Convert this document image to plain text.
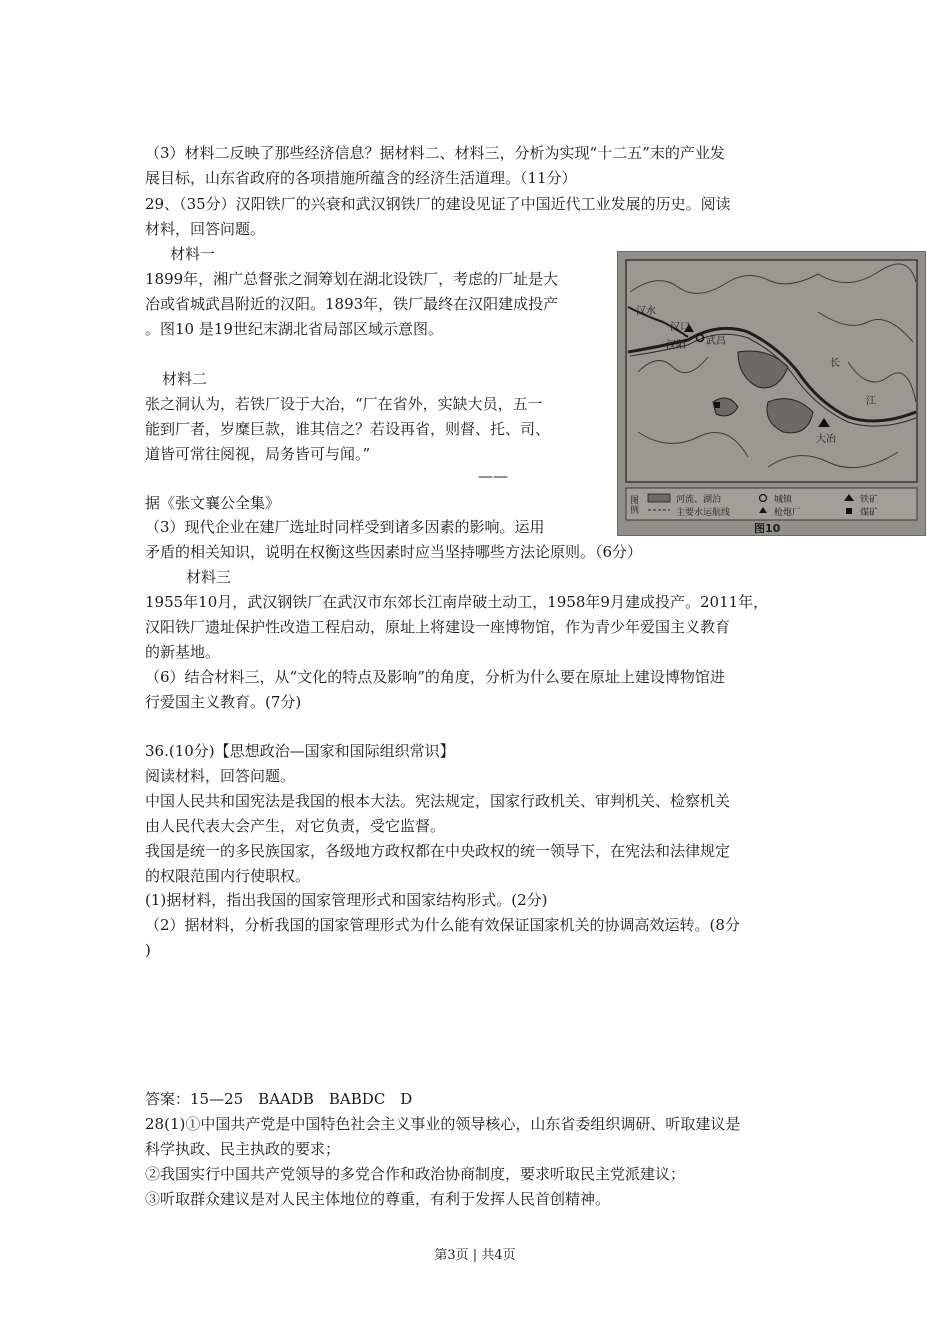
（3）材料二反映了那些经济信息？据材料二、材料三，分析为实现“十二五”末的产业发
展目标，山东省政府的各项措施所蕴含的经济生活道理。（11分）
29、（35分）汉阳铁厂的兴衰和武汉钢铁厂的建设见证了中国近代工业发展的历史。阅读
材料，回答问题。
材料一
1899年，湘广总督张之洞筹划在湖北设铁厂，考虑的厂址是大
冶或省城武昌附近的汉阳。1893年，铁厂最终在汉阳建成投产
。图10 是19世纪末湖北省局部区域示意图。
材料二
张之洞认为，若铁厂设于大冶，“厂在省外，实缺大员，五一
能到厂者，岁糜巨款，谁其信之？若设再省，则督、托、司、
道皆可常往阅视，局务皆可与闻。”
——
据《张文襄公全集》
（3）现代企业在建厂选址时同样受到诸多因素的影响。运用
矛盾的相关知识，说明在权衡这些因素时应当坚持哪些方法论原则。（6分）
材料三
1955年10月，武汉钢铁厂在武汉市东郊长江南岸破土动工，1958年9月建成投产。2011年，
汉阳铁厂遗址保护性改造工程启动，原址上将建设一座博物馆，作为青少年爱国主义教育
的新基地。
（6）结合材料三，从“文化的特点及影响”的角度，分析为什么要在原址上建设博物馆进
行爱国主义教育。(7分)
36.(10分)【思想政治—国家和国际组织常识】
阅读材料，回答问题。
中国人民共和国宪法是我国的根本大法。宪法规定，国家行政机关、审判机关、检察机关
由人民代表大会产生，对它负责，受它监督。
我国是统一的多民族国家，各级地方政权都在中央政权的统一领导下，在宪法和法律规定
的权限范围内行使职权。
(1)据材料，指出我国的国家管理形式和国家结构形式。(2分)
（2）据材料，分析我国的国家管理形式为什么能有效保证国家机关的协调高效运转。(8分
)
答案：15—25　BAADB　BABDC　D
28(1)①中国共产党是中国特色社会主义事业的领导核心，山东省委组织调研、听取建议是
科学执政、民主执政的要求；
②我国实行中国共产党领导的多党合作和政治协商制度，要求听取民主党派建议；
③听取群众建议是对人民主体地位的尊重，有利于发挥人民首创精神。
汉水
汉口
汉阳 武昌
大冶
长
江
图例
河流、湖泊
主要水运航线
城镇
枪炮厂
铁矿
煤矿
图10
第3页 | 共4页
